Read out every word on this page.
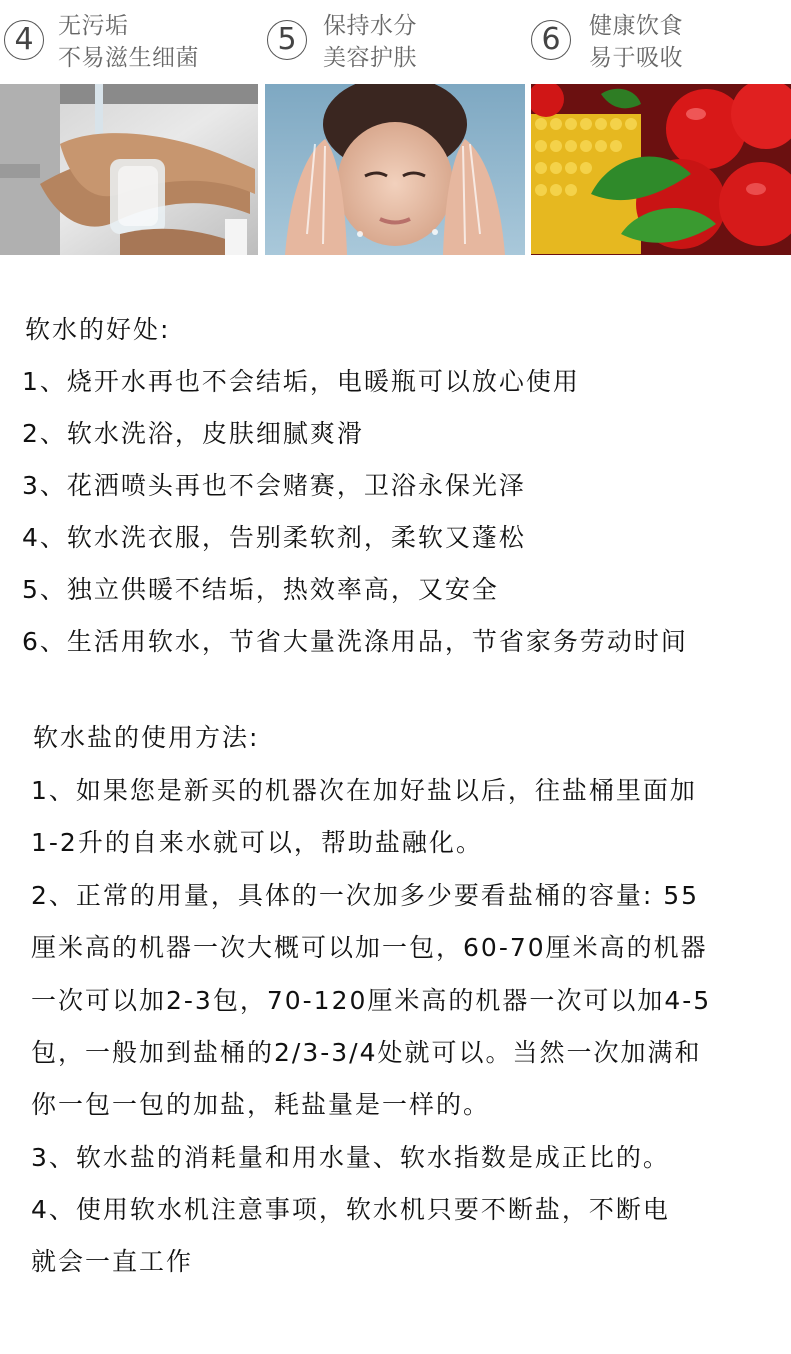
4	无污垢
不易滋生细菌
5	保持水分
美容护肤
6	健康饮食
易于吸收
软水的好处:
1、烧开水再也不会结垢，电暖瓶可以放心使用
2、软水洗浴，皮肤细腻爽滑
3、花洒喷头再也不会赌赛，卫浴永保光泽
4、软水洗衣服，告别柔软剂，柔软又蓬松
5、独立供暖不结垢，热效率高，又安全
6、生活用软水，节省大量洗涤用品，节省家务劳动时间
软水盐的使用方法:
1、如果您是新买的机器次在加好盐以后，往盐桶里面加
1-2升的自来水就可以，帮助盐融化。
2、正常的用量，具体的一次加多少要看盐桶的容量: 55
厘米高的机器一次大概可以加一包，60-70厘米高的机器
一次可以加2-3包，70-120厘米高的机器一次可以加4-5
包，一般加到盐桶的2/3-3/4处就可以。当然一次加满和
你一包一包的加盐，耗盐量是一样的。
3、软水盐的消耗量和用水量、软水指数是成正比的。
4、使用软水机注意事项，软水机只要不断盐，不断电
就会一直工作
